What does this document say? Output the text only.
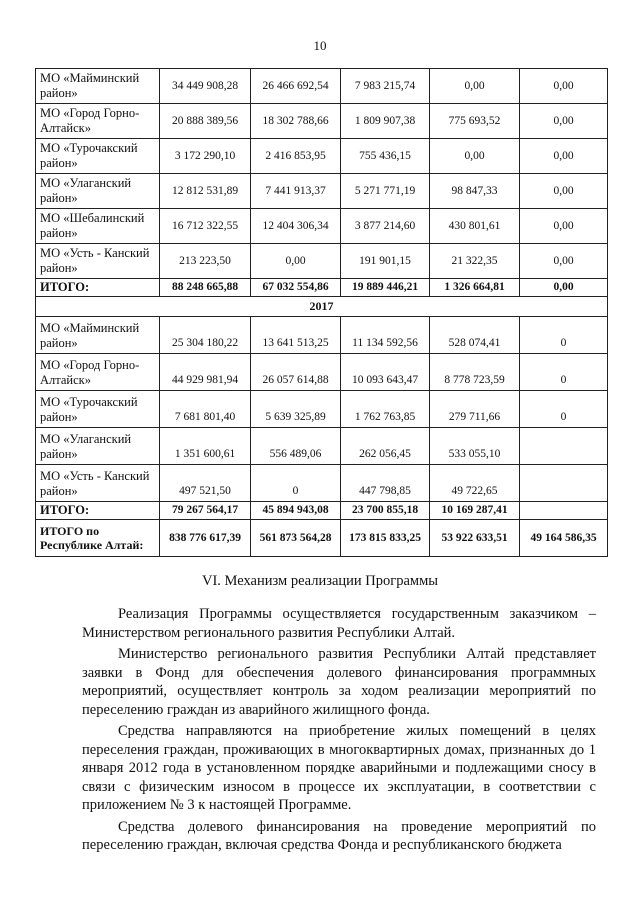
10
МО «Майминский район»	34 449 908,28	26 466 692,54	7 983 215,74	0,00	0,00
МО «Город Горно-Алтайск»	20 888 389,56	18 302 788,66	1 809 907,38	775 693,52	0,00
МО «Турочакский район»	3 172 290,10	2 416 853,95	755 436,15	0,00	0,00
МО «Улаганский район»	12 812 531,89	7 441 913,37	5 271 771,19	98 847,33	0,00
МО «Шебалинский район»	16 712 322,55	12 404 306,34	3 877 214,60	430 801,61	0,00
МО «Усть - Канский район»	213 223,50	0,00	191 901,15	21 322,35	0,00
ИТОГО:	88 248 665,88	67 032 554,86	19 889 446,21	1 326 664,81	0,00
2017					
МО «Майминский район»	25 304 180,22	13 641 513,25	11 134 592,56	528 074,41	0
МО «Город Горно-Алтайск»	44 929 981,94	26 057 614,88	10 093 643,47	8 778 723,59	0
МО «Турочакский район»	7 681 801,40	5 639 325,89	1 762 763,85	279 711,66	0
МО «Улаганский район»	1 351 600,61	556 489,06	262 056,45	533 055,10	
МО «Усть - Канский район»	497 521,50	0	447 798,85	49 722,65	
ИТОГО:	79 267 564,17	45 894 943,08	23 700 855,18	10 169 287,41	
ИТОГО по Республике Алтай:	838 776 617,39	561 873 564,28	173 815 833,25	53 922 633,51	49 164 586,35
VI. Механизм реализации Программы

Реализация Программы осуществляется государственным заказчиком – Министерством регионального развития Республики Алтай.

Министерство регионального развития Республики Алтай представляет заявки в Фонд для обеспечения долевого финансирования программных мероприятий, осуществляет контроль за ходом реализации мероприятий по переселению граждан из аварийного жилищного фонда.

Средства направляются на приобретение жилых помещений в целях переселения граждан, проживающих в многоквартирных домах, признанных до 1 января 2012 года в установленном порядке аварийными и подлежащими сносу в связи с физическим износом в процессе их эксплуатации, в соответствии с приложением № 3 к настоящей Программе.

Средства долевого финансирования на проведение мероприятий по переселению граждан, включая средства Фонда и республиканского бюджета
